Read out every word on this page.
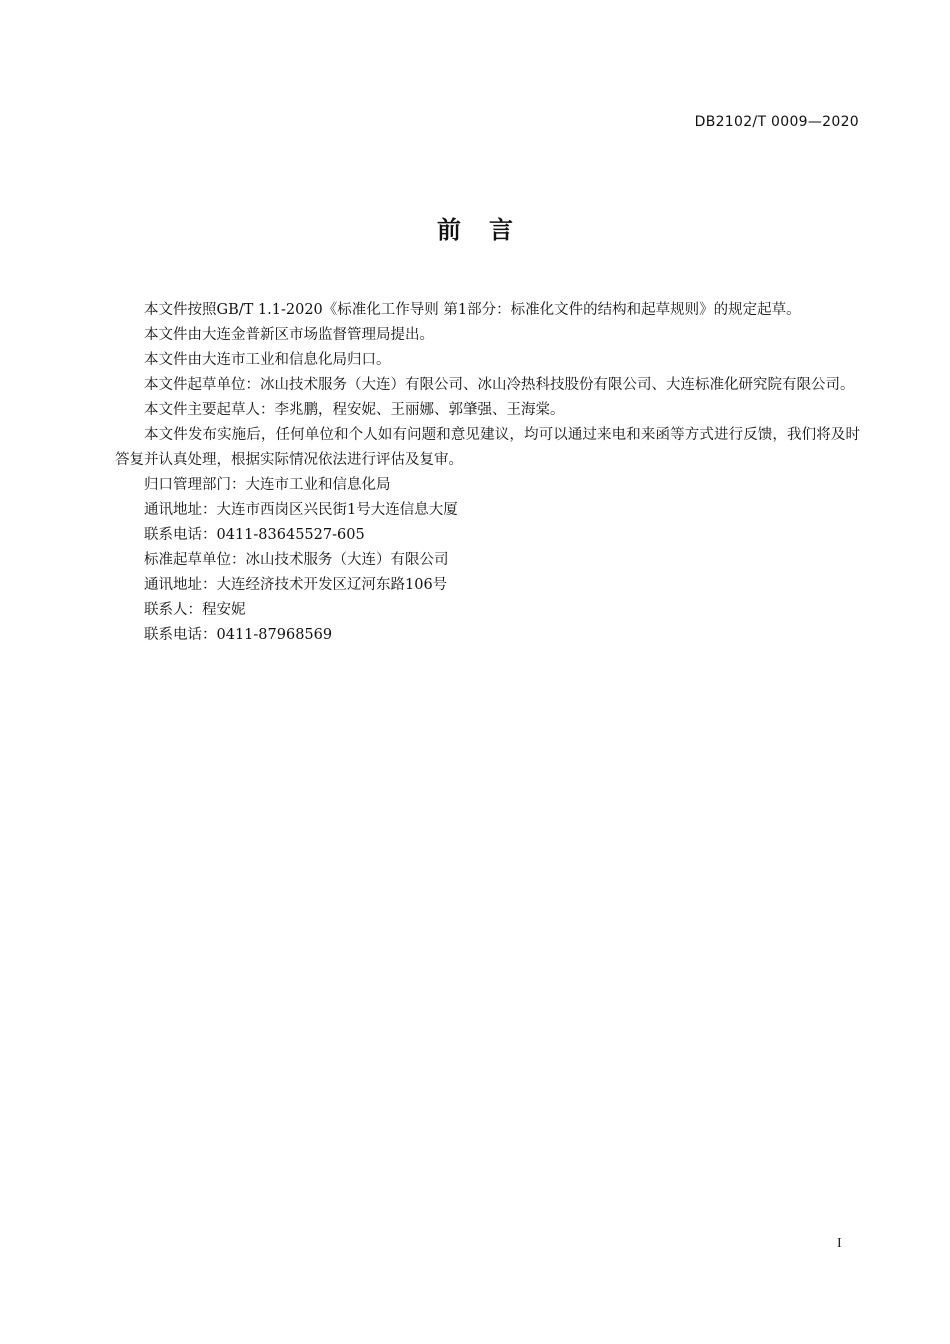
DB2102/T 0009—2020
前言

本文件按照GB/T 1.1-2020《标准化工作导则 第1部分：标准化文件的结构和起草规则》的规定起草。

本文件由大连金普新区市场监督管理局提出。

本文件由大连市工业和信息化局归口。

本文件起草单位：冰山技术服务（大连）有限公司、冰山冷热科技股份有限公司、大连标准化研究院有限公司。

本文件主要起草人：李兆鹏，程安妮、王丽娜、郭肇强、王海棠。

本文件发布实施后，任何单位和个人如有问题和意见建议，均可以通过来电和来函等方式进行反馈，我们将及时答复并认真处理，根据实际情况依法进行评估及复审。

归口管理部门：大连市工业和信息化局

通讯地址：大连市西岗区兴民街1号大连信息大厦

联系电话：0411-83645527-605

标准起草单位：冰山技术服务（大连）有限公司

通讯地址：大连经济技术开发区辽河东路106号

联系人：程安妮

联系电话：0411-87968569

I
